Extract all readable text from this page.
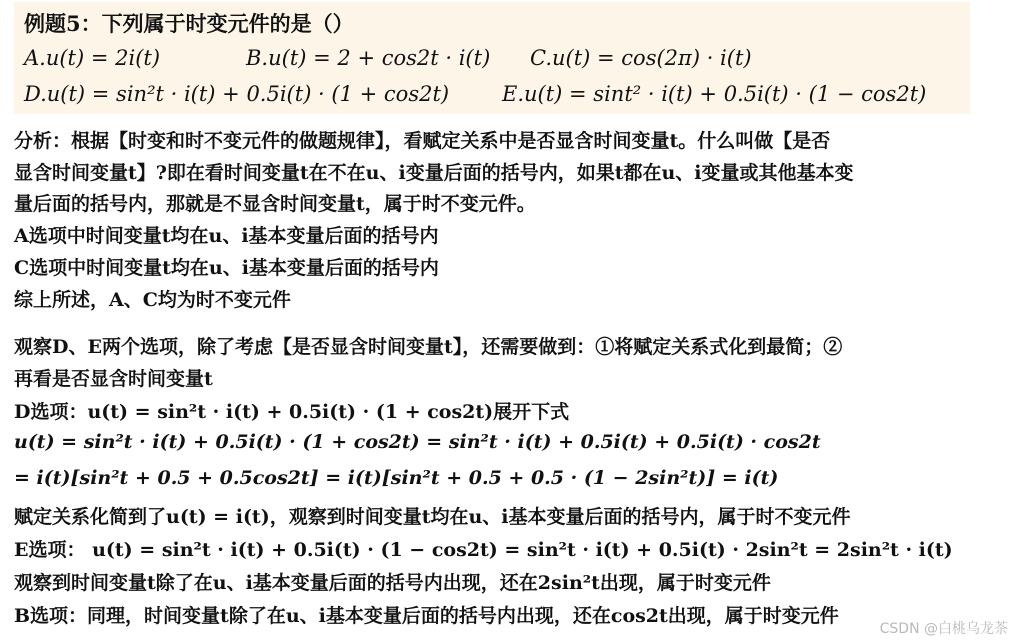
例题5：下列属于时变元件的是（）
A.u(t) = 2i(t)	B.u(t) = 2 + cos2t · i(t) C.u(t) = cos(2π) · i(t)
D.u(t) = sin²t · i(t) + 0.5i(t) · (1 + cos2t)	E.u(t) = sint² · i(t) + 0.5i(t) · (1 − cos2t)
分析：根据【时变和时不变元件的做题规律】，看赋定关系中是否显含时间变量t。什么叫做【是否
显含时间变量t】?即在看时间变量t在不在u、i变量后面的括号内，如果t都在u、i变量或其他基本变
量后面的括号内，那就是不显含时间变量t，属于时不变元件。
A选项中时间变量t均在u、i基本变量后面的括号内
C选项中时间变量t均在u、i基本变量后面的括号内
综上所述，A、C均为时不变元件
观察D、E两个选项，除了考虑【是否显含时间变量t】，还需要做到：①将赋定关系式化到最简；②
再看是否显含时间变量t
D选项：u(t) = sin²t · i(t) + 0.5i(t) · (1 + cos2t)展开下式
u(t) = sin²t · i(t) + 0.5i(t) · (1 + cos2t) = sin²t · i(t) + 0.5i(t) + 0.5i(t) · cos2t
= i(t)[sin²t + 0.5 + 0.5cos2t] = i(t)[sin²t + 0.5 + 0.5 · (1 − 2sin²t)] = i(t)
赋定关系化简到了u(t) = i(t)，观察到时间变量t均在u、i基本变量后面的括号内，属于时不变元件
E选项： u(t) = sin²t · i(t) + 0.5i(t) · (1 − cos2t) = sin²t · i(t) + 0.5i(t) · 2sin²t = 2sin²t · i(t)
观察到时间变量t除了在u、i基本变量后面的括号内出现，还在2sin²t出现，属于时变元件
B选项：同理，时间变量t除了在u、i基本变量后面的括号内出现，还在cos2t出现，属于时变元件
CSDN @白桃乌龙茶
